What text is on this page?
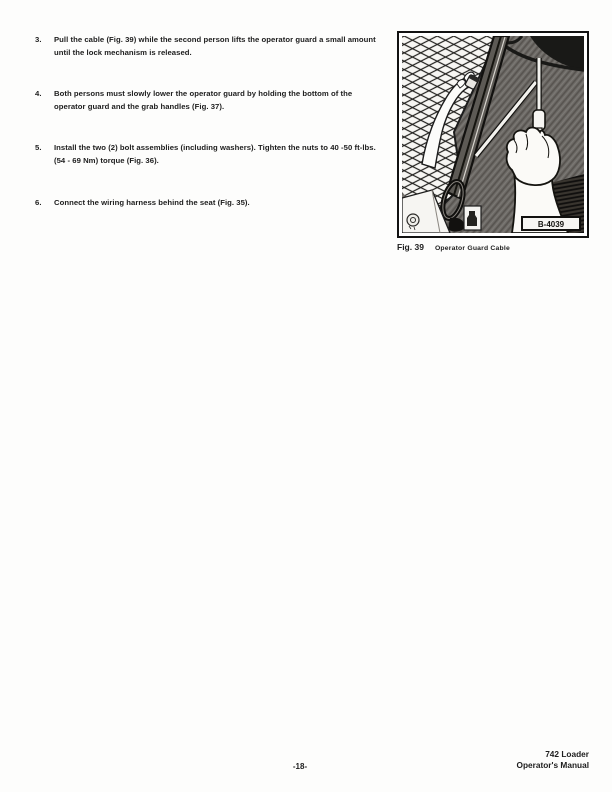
3. Pull the cable (Fig. 39) while the second person lifts the operator guard a small amount until the lock mechanism is released.
4. Both persons must slowly lower the operator guard by holding the bottom of the operator guard and the grab handles (Fig. 37).
5. Install the two (2) bolt assemblies (including washers). Tighten the nuts to 40 -50 ft-lbs. (54 - 69 Nm) torque (Fig. 36).
6. Connect the wiring harness behind the seat (Fig. 35).
B-4039
Fig. 39 Operator Guard Cable
-18-
742 Loader
Operator's Manual
